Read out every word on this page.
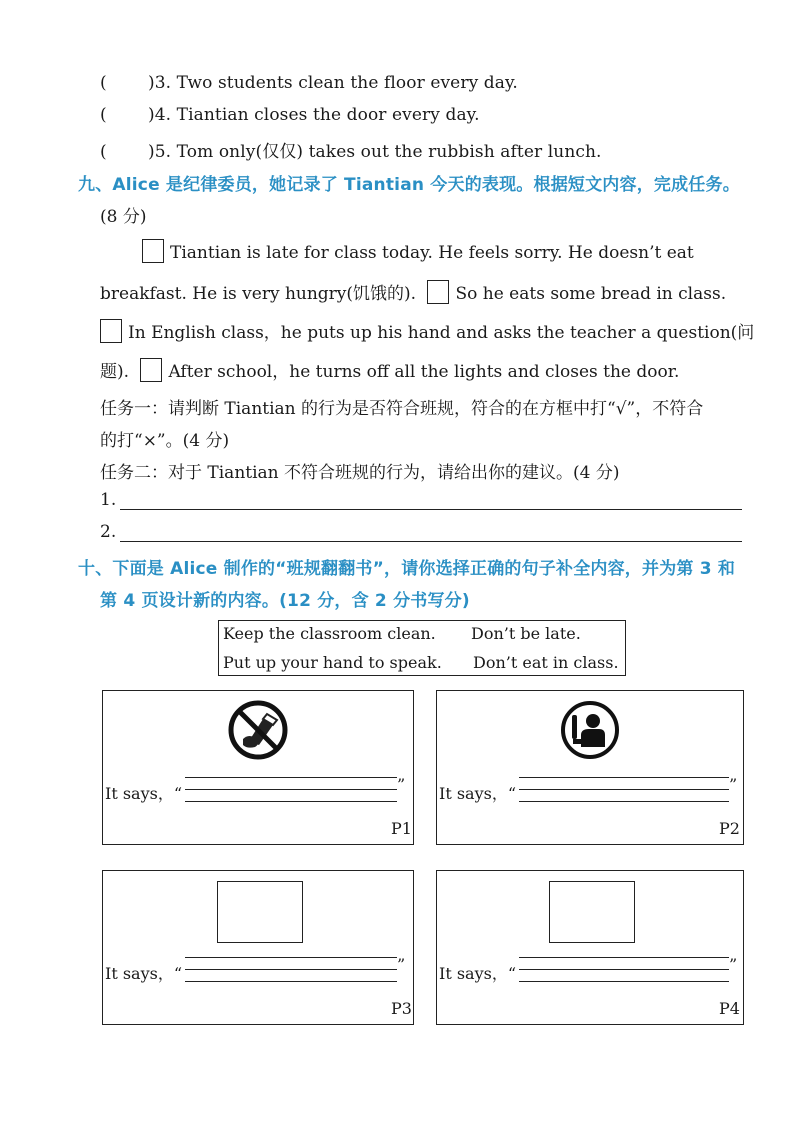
( )3. Two students clean the floor every day.
( )4. Tiantian closes the door every day.
( )5. Tom only(仅仅) takes out the rubbish after lunch.
九、Alice 是纪律委员，她记录了 Tiantian 今天的表现。根据短文内容，完成任务。
(8 分)
Tiantian is late for class today. He feels sorry. He doesn’t eat
breakfast. He is very hungry(饥饿的). So he eats some bread in class.
In English class，he puts up his hand and asks the teacher a question(问
题). After school，he turns off all the lights and closes the door.
任务一：请判断 Tiantian 的行为是否符合班规，符合的在方框中打“√”，不符合
的打“×”。(4 分)
任务二：对于 Tiantian 不符合班规的行为，请给出你的建议。(4 分)
1.
2.
十、下面是 Alice 制作的“班规翻翻书”，请你选择正确的句子补全内容，并为第 3 和
第 4 页设计新的内容。(12 分，含 2 分书写分)
Keep the classroom clean. Don’t be late.
Put up your hand to speak. Don’t eat in class.
It says，“	”
P1
It says，“	”
P2
It says，“	”
P3
It says，“	”
P4
